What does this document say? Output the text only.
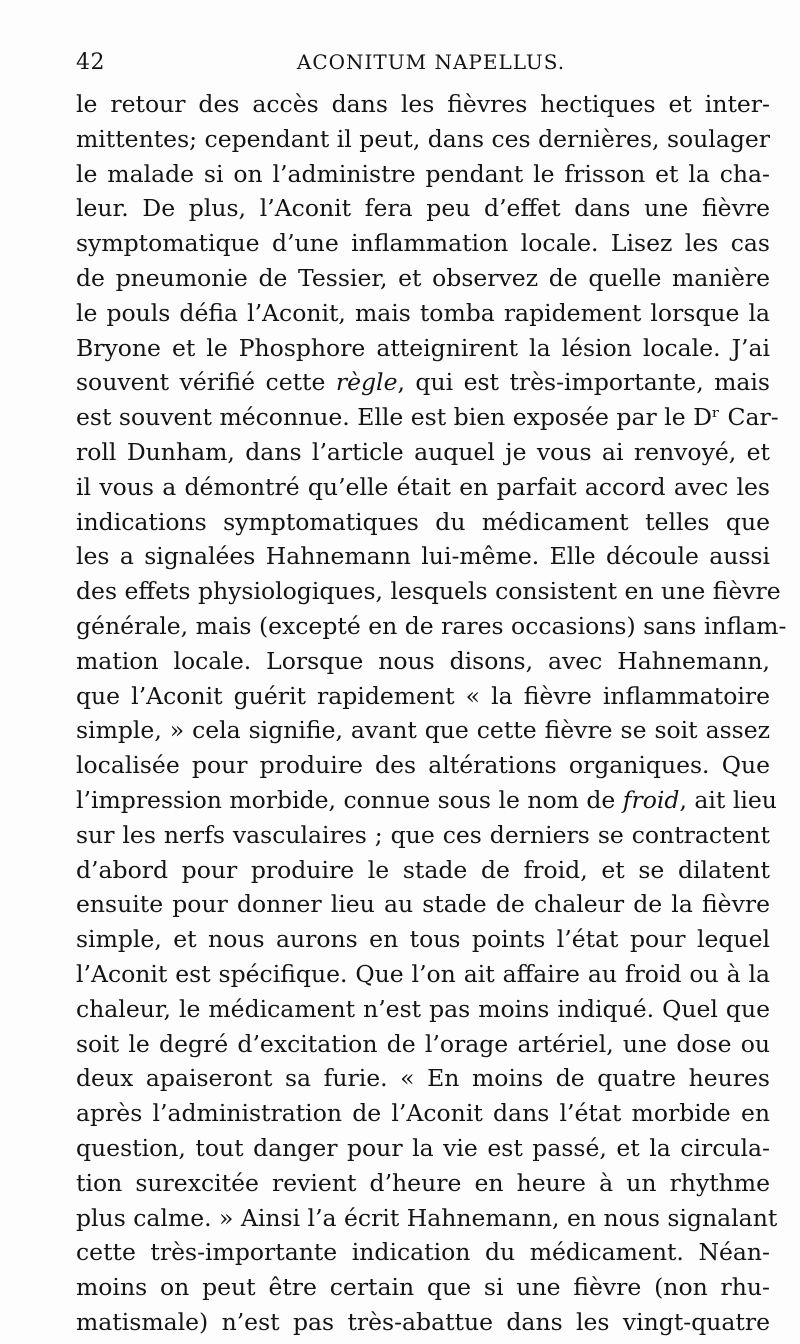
42	ACONITUM NAPELLUS.
le retour des accès dans les fièvres hectiques et inter-
mittentes; cependant il peut, dans ces dernières, soulager
le malade si on l’administre pendant le frisson et la cha-
leur. De plus, l’Aconit fera peu d’effet dans une fièvre
symptomatique d’une inflammation locale. Lisez les cas
de pneumonie de Tessier, et observez de quelle manière
le pouls défia l’Aconit, mais tomba rapidement lorsque la
Bryone et le Phosphore atteignirent la lésion locale. J’ai
souvent vérifié cette règle, qui est très-importante, mais
est souvent méconnue. Elle est bien exposée par le Dʳ Car-
roll Dunham, dans l’article auquel je vous ai renvoyé, et
il vous a démontré qu’elle était en parfait accord avec les
indications symptomatiques du médicament telles que
les a signalées Hahnemann lui-même. Elle découle aussi
des effets physiologiques, lesquels consistent en une fièvre
générale, mais (excepté en de rares occasions) sans inflam-
mation locale. Lorsque nous disons, avec Hahnemann,
que l’Aconit guérit rapidement « la fièvre inflammatoire
simple, » cela signifie, avant que cette fièvre se soit assez
localisée pour produire des altérations organiques. Que
l’impression morbide, connue sous le nom de froid, ait lieu
sur les nerfs vasculaires ; que ces derniers se contractent
d’abord pour produire le stade de froid, et se dilatent
ensuite pour donner lieu au stade de chaleur de la fièvre
simple, et nous aurons en tous points l’état pour lequel
l’Aconit est spécifique. Que l’on ait affaire au froid ou à la
chaleur, le médicament n’est pas moins indiqué. Quel que
soit le degré d’excitation de l’orage artériel, une dose ou
deux apaiseront sa furie. « En moins de quatre heures
après l’administration de l’Aconit dans l’état morbide en
question, tout danger pour la vie est passé, et la circula-
tion surexcitée revient d’heure en heure à un rhythme
plus calme. » Ainsi l’a écrit Hahnemann, en nous signalant
cette très-importante indication du médicament. Néan-
moins on peut être certain que si une fièvre (non rhu-
matismale) n’est pas très-abattue dans les vingt-quatre
